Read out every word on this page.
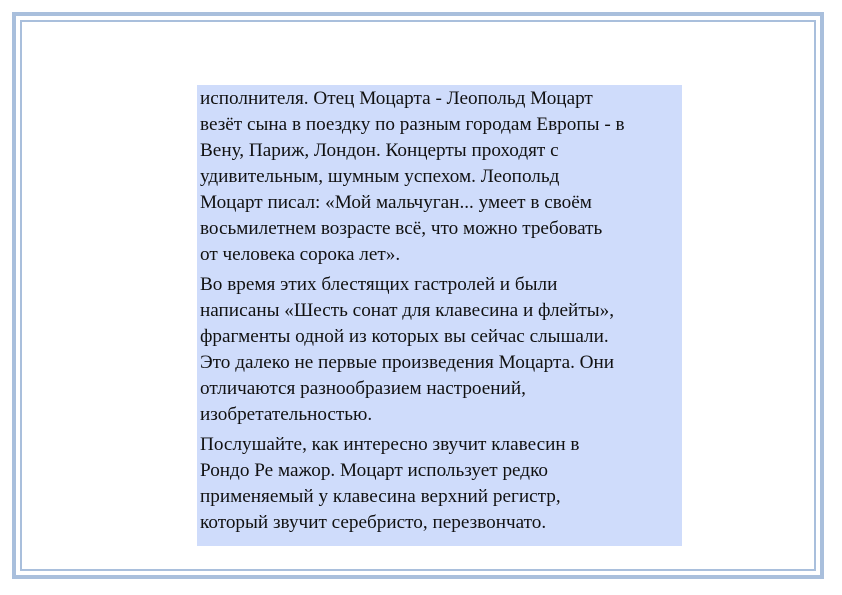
исполнителя. Отец Моцарта - Леопольд Моцарт
везёт сына в поездку по разным городам Европы - в
Вену, Париж, Лондон. Концерты проходят с
удивительным, шумным успехом. Леопольд
Моцарт писал: «Мой мальчуган... умеет в своём
восьмилетнем возрасте всё, что можно требовать
от человека сорока лет».

Во время этих блестящих гастролей и были
написаны «Шесть сонат для клавесина и флейты»,
фрагменты одной из которых вы сейчас слышали.
Это далеко не первые произведения Моцарта. Они
отличаются разнообразием настроений,
изобретательностью.

Послушайте, как интересно звучит клавесин в
Рондо Ре мажор. Моцарт использует редко
применяемый у клавесина верхний регистр,
который звучит серебристо, перезвончато.
